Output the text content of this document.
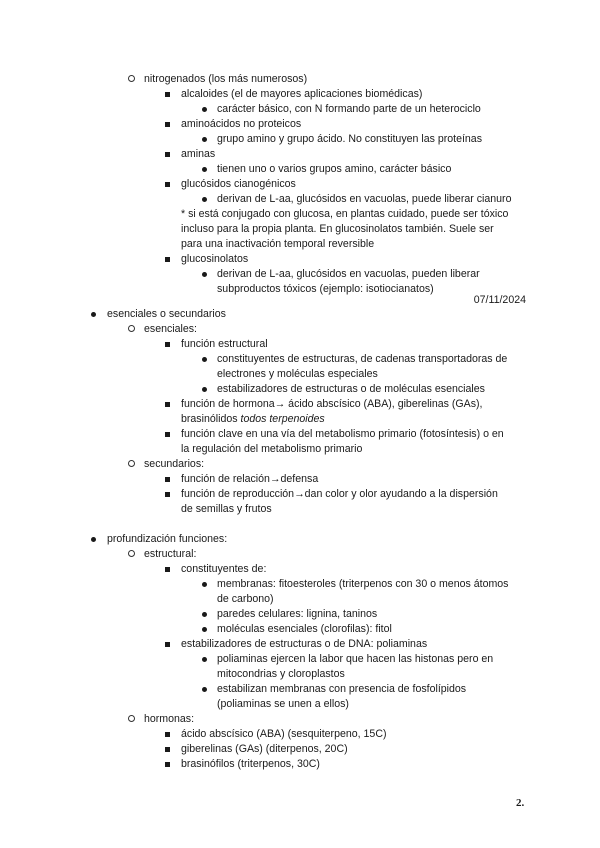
nitrogenados (los más numerosos)
alcaloides (el de mayores aplicaciones biomédicas)
carácter básico, con N formando parte de un heterociclo
aminoácidos no proteicos
grupo amino y grupo ácido. No constituyen las proteínas
aminas
tienen uno o varios grupos amino, carácter básico
glucósidos cianogénicos
derivan de L-aa, glucósidos en vacuolas, puede liberar cianuro
* si está conjugado con glucosa, en plantas cuidado, puede ser tóxico
incluso para la propia planta. En glucosinolatos también. Suele ser
para una inactivación temporal reversible
glucosinolatos
derivan de L-aa, glucósidos en vacuolas, pueden liberar
subproductos tóxicos (ejemplo: isotiocianatos)
07/11/2024
esenciales o secundarios
esenciales:
función estructural
constituyentes de estructuras, de cadenas transportadoras de
electrones y moléculas especiales
estabilizadores de estructuras o de moléculas esenciales
función de hormona→ ácido abscísico (ABA), giberelinas (GAs),
brasinólidos todos terpenoides
función clave en una vía del metabolismo primario (fotosíntesis) o en
la regulación del metabolismo primario
secundarios:
función de relación→defensa
función de reproducción→dan color y olor ayudando a la dispersión
de semillas y frutos
profundización funciones:
estructural:
constituyentes de:
membranas: fitoesteroles (triterpenos con 30 o menos átomos
de carbono)
paredes celulares: lignina, taninos
moléculas esenciales (clorofilas): fitol
estabilizadores de estructuras o de DNA: poliaminas
poliaminas ejercen la labor que hacen las histonas pero en
mitocondrias y cloroplastos
estabilizan membranas con presencia de fosfolípidos
(poliaminas se unen a ellos)
hormonas:
ácido abscísico (ABA) (sesquiterpeno, 15C)
giberelinas (GAs) (diterpenos, 20C)
brasinófilos (triterpenos, 30C)
2.
